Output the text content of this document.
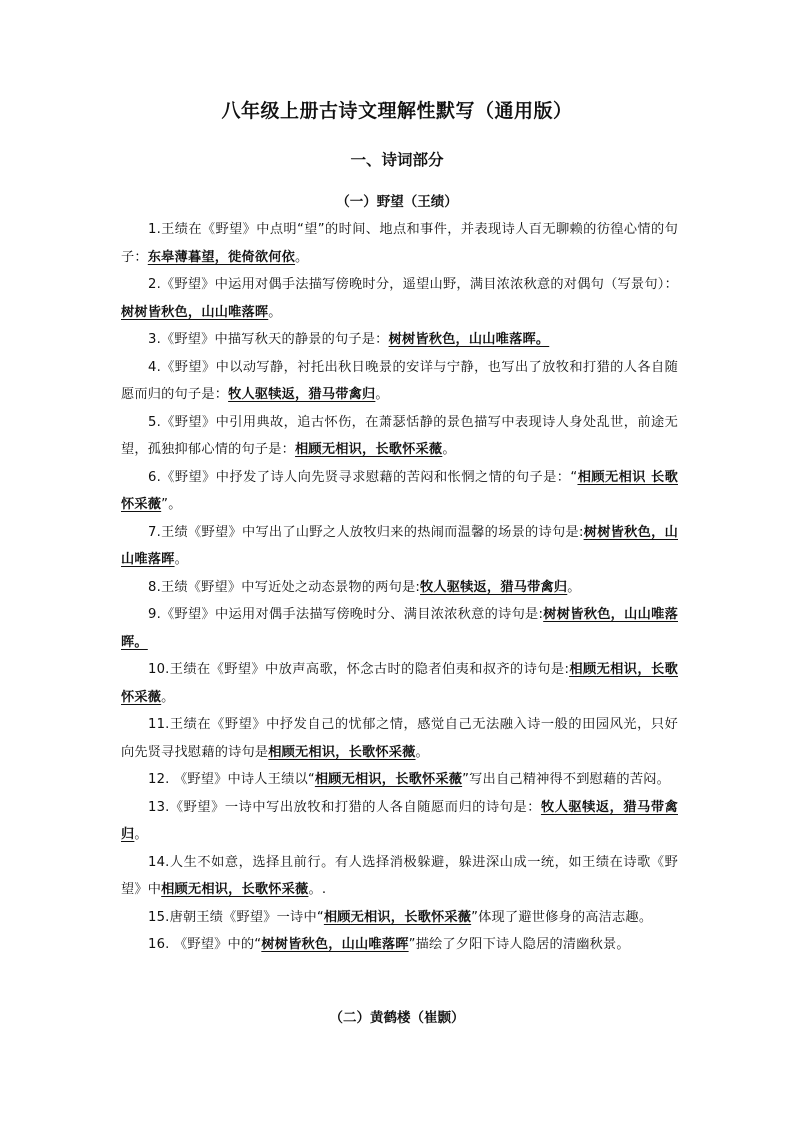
八年级上册古诗文理解性默写（通用版）
一、诗词部分
（一）野望（王绩）
1.王绩在《野望》中点明“望”的时间、地点和事件，并表现诗人百无聊赖的彷徨心情的句子：东皋薄暮望，徙倚欲何依。
2.《野望》中运用对偶手法描写傍晚时分，遥望山野，满目浓浓秋意的对偶句（写景句）：树树皆秋色，山山唯落晖。
3.《野望》中描写秋天的静景的句子是：树树皆秋色，山山唯落晖。
4.《野望》中以动写静，衬托出秋日晚景的安详与宁静，也写出了放牧和打猎的人各自随愿而归的句子是：牧人驱犊返，猎马带禽归。
5.《野望》中引用典故，追古怀伤，在萧瑟恬静的景色描写中表现诗人身处乱世，前途无望，孤独抑郁心情的句子是：相顾无相识，长歌怀采薇。
6.《野望》中抒发了诗人向先贤寻求慰藉的苦闷和怅惘之情的句子是：“相顾无相识 长歌怀采薇”。
7.王绩《野望》中写出了山野之人放牧归来的热闹而温馨的场景的诗句是:树树皆秋色，山山唯落晖。
8.王绩《野望》中写近处之动态景物的两句是:牧人驱犊返，猎马带禽归。
9.《野望》中运用对偶手法描写傍晚时分、满目浓浓秋意的诗句是:树树皆秋色，山山唯落晖。
10.王绩在《野望》中放声高歌，怀念古时的隐者伯夷和叔齐的诗句是:相顾无相识，长歌怀采薇。
11.王绩在《野望》中抒发自己的忧郁之情，感觉自己无法融入诗一般的田园风光，只好向先贤寻找慰藉的诗句是相顾无相识，长歌怀采薇。
12. 《野望》中诗人王绩以“相顾无相识，长歌怀采薇”写出自己精神得不到慰藉的苦闷。
13.《野望》一诗中写出放牧和打猎的人各自随愿而归的诗句是：牧人驱犊返，猎马带禽归。
14.人生不如意，选择且前行。有人选择消极躲避，躲进深山成一统，如王绩在诗歌《野望》中相顾无相识，长歌怀采薇。.
15.唐朝王绩《野望》一诗中“相顾无相识，长歌怀采薇”体现了避世修身的高洁志趣。
16. 《野望》中的“树树皆秋色，山山唯落晖”描绘了夕阳下诗人隐居的清幽秋景。
（二）黄鹤楼（崔颢）
